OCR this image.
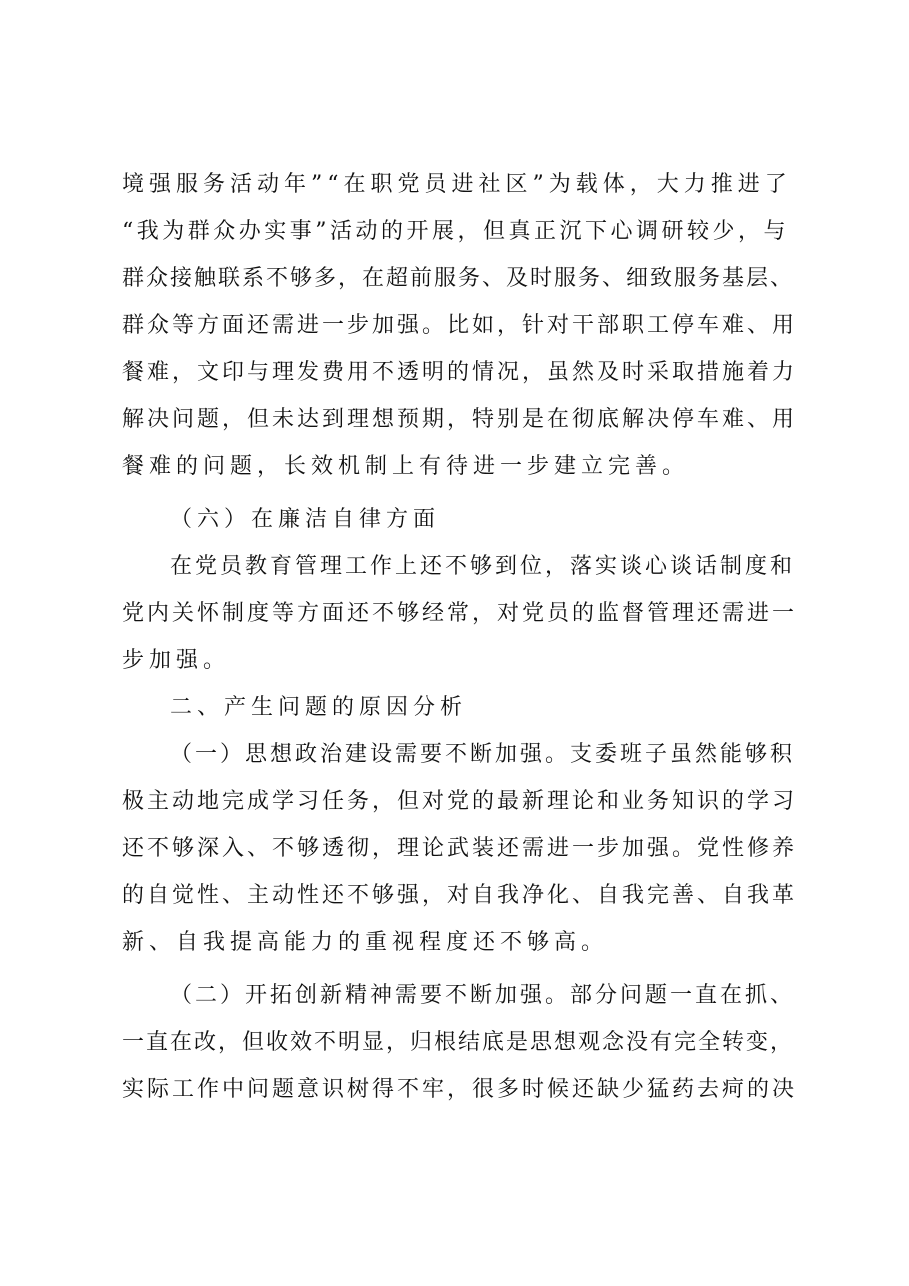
境强服务活动年”“在职党员进社区”为载体，大力推进了
“我为群众办实事”活动的开展，但真正沉下心调研较少，与
群众接触联系不够多，在超前服务、及时服务、细致服务基层、
群众等方面还需进一步加强。比如，针对干部职工停车难、用
餐难，文印与理发费用不透明的情况，虽然及时采取措施着力
解决问题，但未达到理想预期，特别是在彻底解决停车难、用
餐难的问题，长效机制上有待进一步建立完善。
（六）在廉洁自律方面
在党员教育管理工作上还不够到位，落实谈心谈话制度和
党内关怀制度等方面还不够经常，对党员的监督管理还需进一
步加强。
二、产生问题的原因分析
（一）思想政治建设需要不断加强。支委班子虽然能够积
极主动地完成学习任务，但对党的最新理论和业务知识的学习
还不够深入、不够透彻，理论武装还需进一步加强。党性修养
的自觉性、主动性还不够强，对自我净化、自我完善、自我革
新、自我提高能力的重视程度还不够高。
（二）开拓创新精神需要不断加强。部分问题一直在抓、
一直在改，但收效不明显，归根结底是思想观念没有完全转变，
实际工作中问题意识树得不牢，很多时候还缺少猛药去疴的决
